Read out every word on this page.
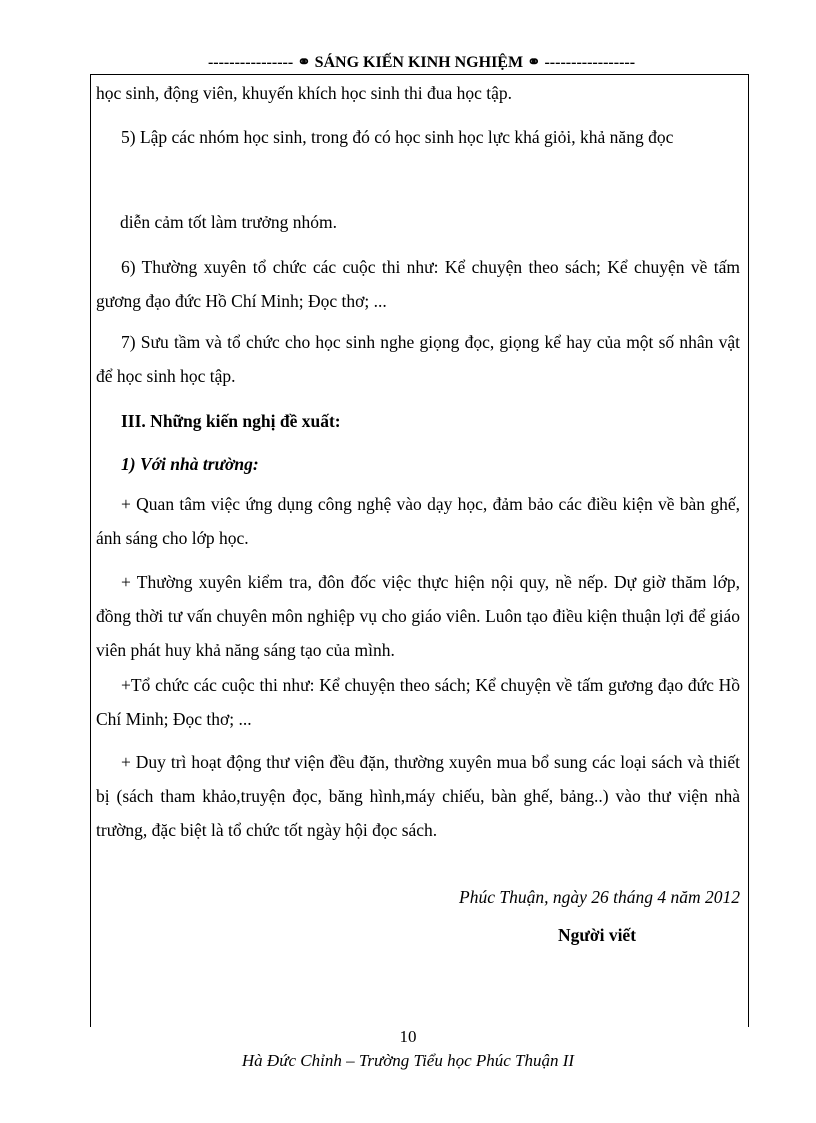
---------------- ⚭ SÁNG KIẾN KINH NGHIỆM ⚭ -----------------
học sinh, động viên, khuyến khích học sinh thi đua học tập.
5) Lập các nhóm học sinh, trong đó có học sinh học lực khá giỏi, khả năng đọc
diễn cảm tốt làm trưởng nhóm.
6) Thường xuyên tổ chức các cuộc thi như: Kể chuyện theo sách; Kể chuyện về tấm gương đạo đức Hồ Chí Minh; Đọc thơ; ...
7) Sưu tầm và tổ chức cho học sinh nghe giọng đọc, giọng kể hay của một số nhân vật để học sinh học tập.
III. Những kiến nghị đề xuất:
1) Với nhà trường:
+ Quan tâm việc ứng dụng công nghệ vào dạy học, đảm bảo các điều kiện về bàn ghế, ánh sáng cho lớp học.
+ Thường xuyên kiểm tra, đôn đốc việc thực hiện nội quy, nề nếp. Dự giờ thăm lớp, đồng thời tư vấn chuyên môn nghiệp vụ cho giáo viên. Luôn tạo điều kiện thuận lợi để giáo viên phát huy khả năng sáng tạo của mình.
+Tổ chức các cuộc thi như: Kể chuyện theo sách; Kể chuyện về tấm gương đạo đức Hồ Chí Minh; Đọc thơ; ...
+ Duy trì hoạt động thư viện đều đặn, thường xuyên mua bổ sung các loại sách và thiết bị (sách tham khảo,truyện đọc, băng hình,máy chiếu, bàn ghế, bảng..) vào thư viện nhà trường, đặc biệt là tổ chức tốt ngày hội đọc sách.
Phúc Thuận, ngày 26 tháng 4 năm 2012
Người viết
10
Hà Đức Chỉnh – Trường Tiểu học Phúc Thuận II
